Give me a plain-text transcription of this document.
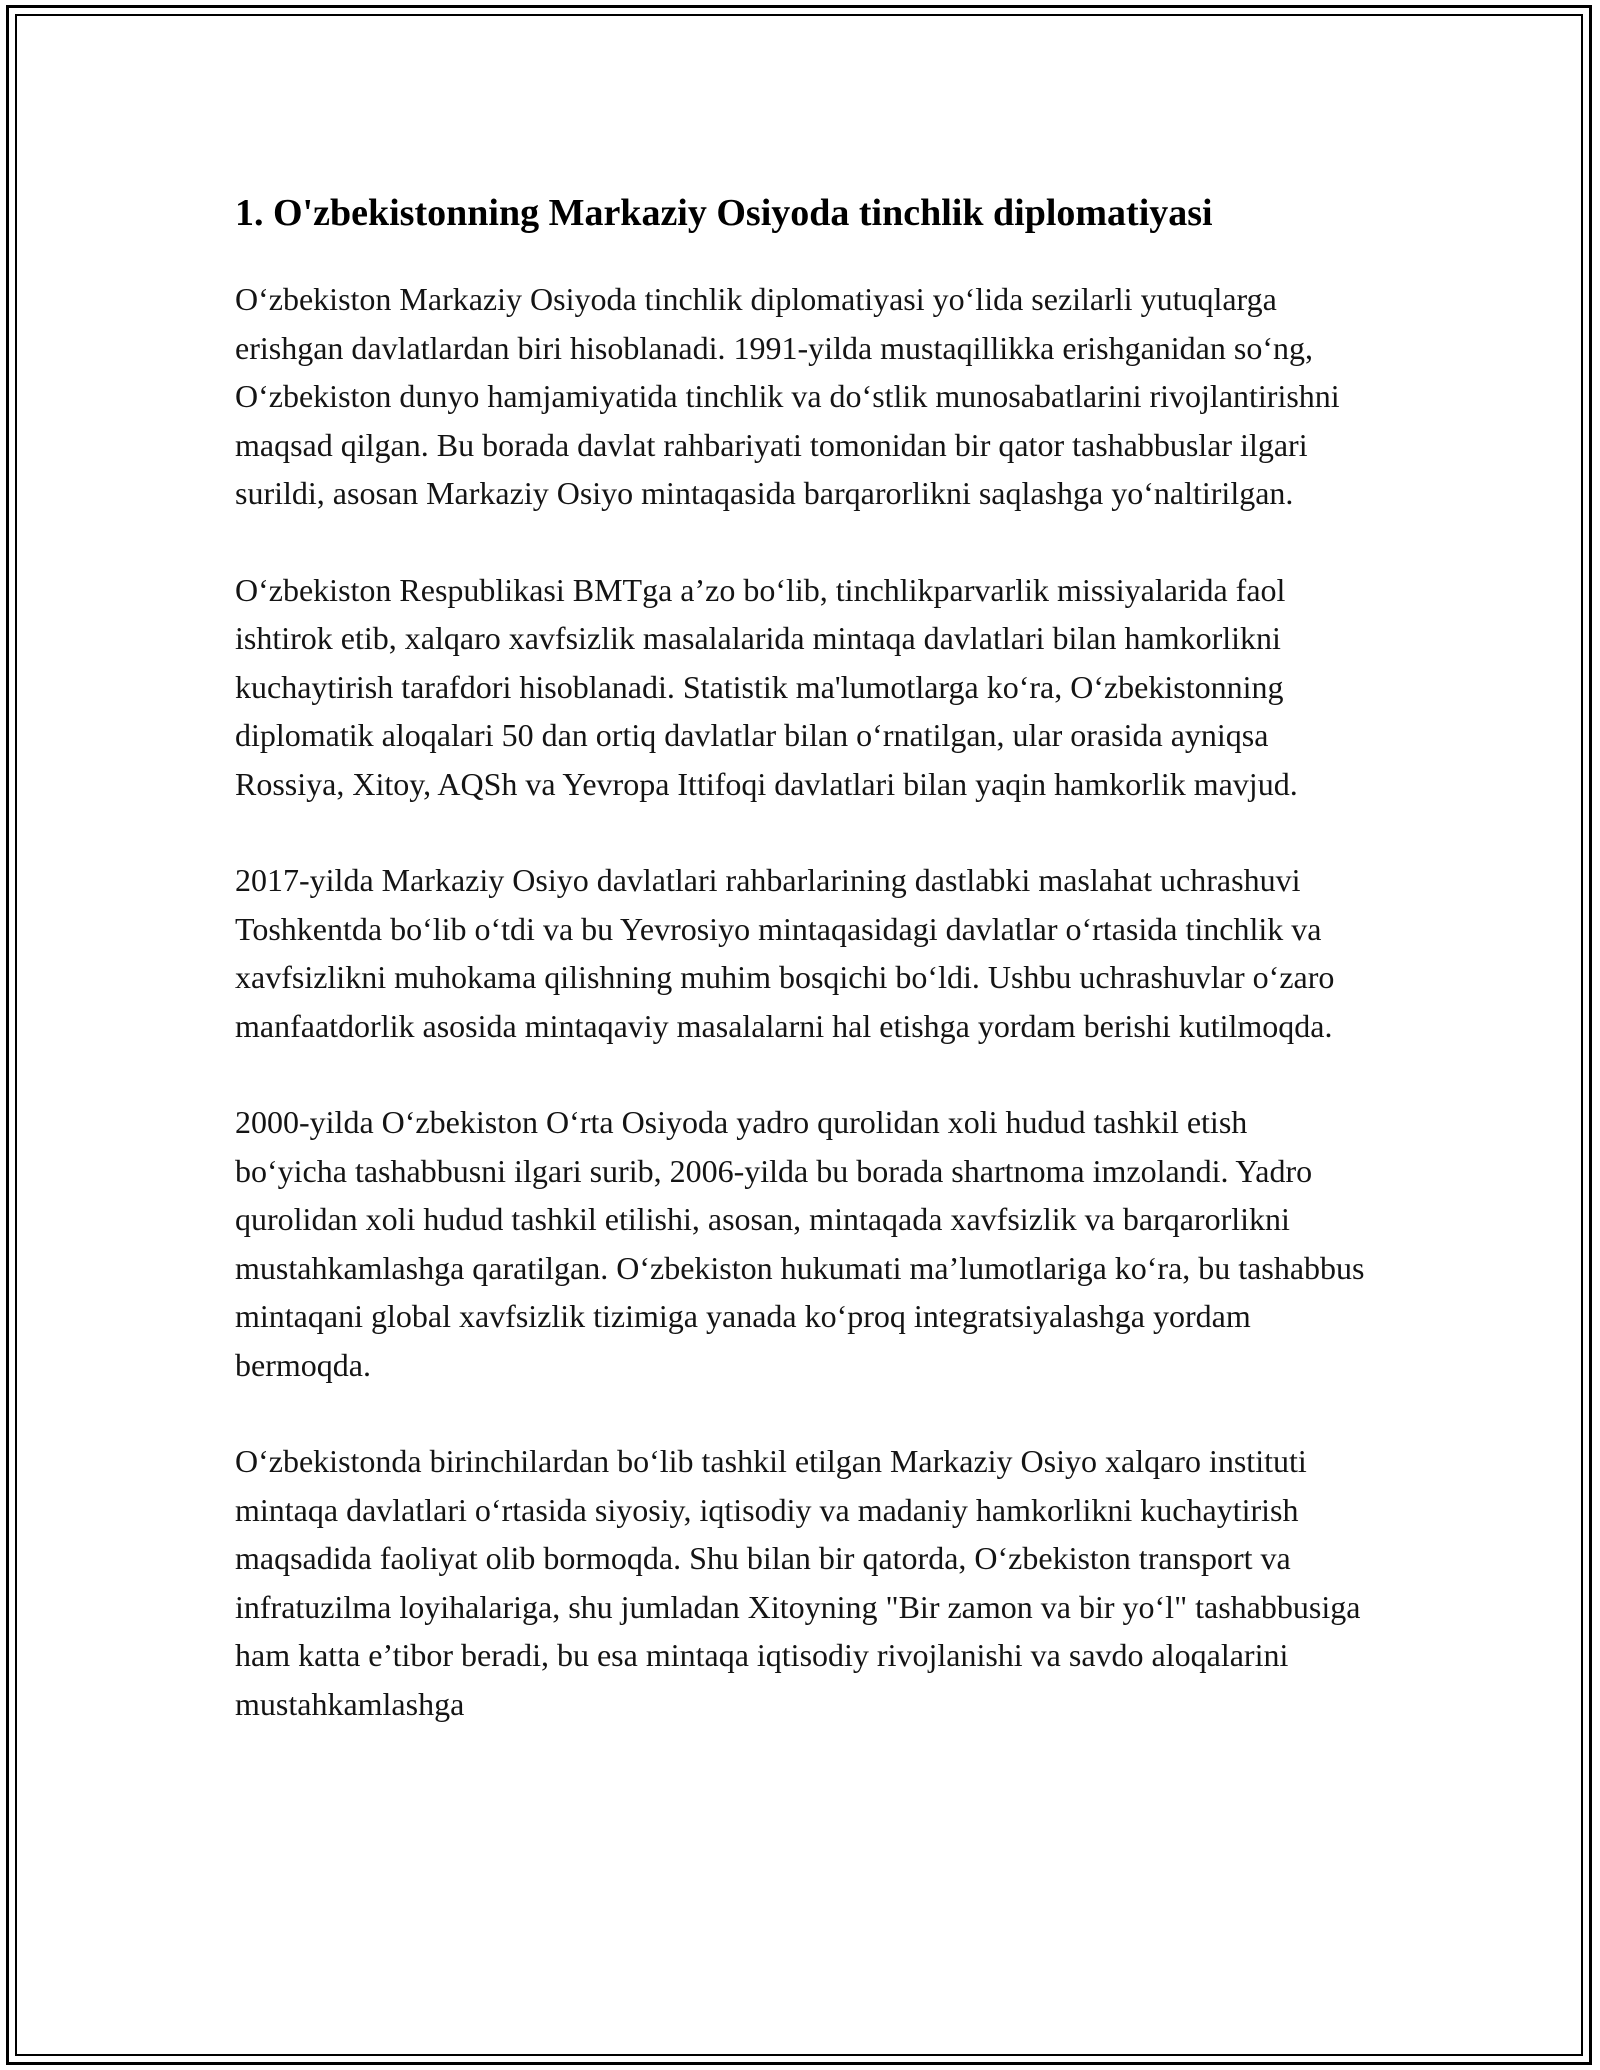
1. O'zbekistonning Markaziy Osiyoda tinchlik diplomatiyasi

O‘zbekiston Markaziy Osiyoda tinchlik diplomatiyasi yo‘lida sezilarli yutuqlarga erishgan davlatlardan biri hisoblanadi. 1991-yilda mustaqillikka erishganidan so‘ng, O‘zbekiston dunyo hamjamiyatida tinchlik va do‘stlik munosabatlarini rivojlantirishni maqsad qilgan. Bu borada davlat rahbariyati tomonidan bir qator tashabbuslar ilgari surildi, asosan Markaziy Osiyo mintaqasida barqarorlikni saqlashga yo‘naltirilgan.

O‘zbekiston Respublikasi BMTga a’zo bo‘lib, tinchlikparvarlik missiyalarida faol ishtirok etib, xalqaro xavfsizlik masalalarida mintaqa davlatlari bilan hamkorlikni kuchaytirish tarafdori hisoblanadi. Statistik ma'lumotlarga ko‘ra, O‘zbekistonning diplomatik aloqalari 50 dan ortiq davlatlar bilan o‘rnatilgan, ular orasida ayniqsa Rossiya, Xitoy, AQSh va Yevropa Ittifoqi davlatlari bilan yaqin hamkorlik mavjud.

2017-yilda Markaziy Osiyo davlatlari rahbarlarining dastlabki maslahat uchrashuvi Toshkentda bo‘lib o‘tdi va bu Yevrosiyo mintaqasidagi davlatlar o‘rtasida tinchlik va xavfsizlikni muhokama qilishning muhim bosqichi bo‘ldi. Ushbu uchrashuvlar o‘zaro manfaatdorlik asosida mintaqaviy masalalarni hal etishga yordam berishi kutilmoqda.

2000-yilda O‘zbekiston O‘rta Osiyoda yadro qurolidan xoli hudud tashkil etish bo‘yicha tashabbusni ilgari surib, 2006-yilda bu borada shartnoma imzolandi. Yadro qurolidan xoli hudud tashkil etilishi, asosan, mintaqada xavfsizlik va barqarorlikni mustahkamlashga qaratilgan. O‘zbekiston hukumati ma’lumotlariga ko‘ra, bu tashabbus mintaqani global xavfsizlik tizimiga yanada ko‘proq integratsiyalashga yordam bermoqda.

O‘zbekistonda birinchilardan bo‘lib tashkil etilgan Markaziy Osiyo xalqaro instituti mintaqa davlatlari o‘rtasida siyosiy, iqtisodiy va madaniy hamkorlikni kuchaytirish maqsadida faoliyat olib bormoqda. Shu bilan bir qatorda, O‘zbekiston transport va infratuzilma loyihalariga, shu jumladan Xitoyning "Bir zamon va bir yo‘l" tashabbusiga ham katta e’tibor beradi, bu esa mintaqa iqtisodiy rivojlanishi va savdo aloqalarini mustahkamlashga
